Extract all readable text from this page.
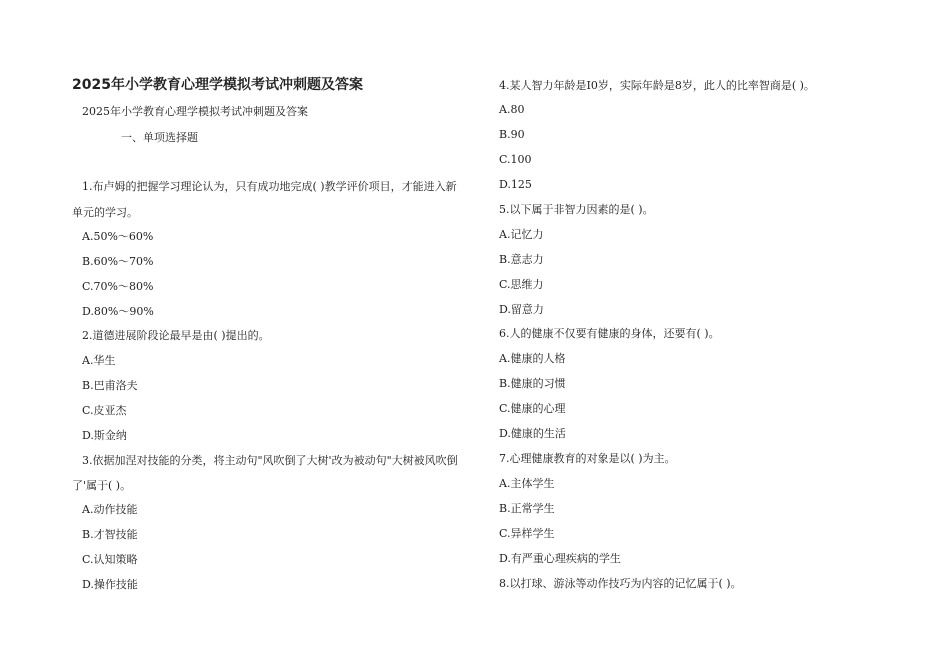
2025年小学教育心理学模拟考试冲刺题及答案
2025年小学教育心理学模拟考试冲刺题及答案
一、单项选择题
1.布卢姆的把握学习理论认为，只有成功地完成( )教学评价项目，才能进入新
单元的学习。
A.50%～60%
B.60%～70%
C.70%～80%
D.80%～90%
2.道德进展阶段论最早是由( )提出的。
A.华生
B.巴甫洛夫
C.皮亚杰
D.斯金纳
3.依据加涅对技能的分类，将主动句"风吹倒了大树'改为被动句"大树被风吹倒
了'属于( )。
A.动作技能
B.才智技能
C.认知策略
D.操作技能
4.某人智力年龄是I0岁，实际年龄是8岁，此人的比率智商是( )。
A.80
B.90
C.100
D.125
5.以下属于非智力因素的是( )。
A.记忆力
B.意志力
C.思维力
D.留意力
6.人的健康不仅要有健康的身体，还要有( )。
A.健康的人格
B.健康的习惯
C.健康的心理
D.健康的生活
7.心理健康教育的对象是以( )为主。
A.主体学生
B.正常学生
C.异样学生
D.有严重心理疾病的学生
8.以打球、游泳等动作技巧为内容的记忆属于( )。
